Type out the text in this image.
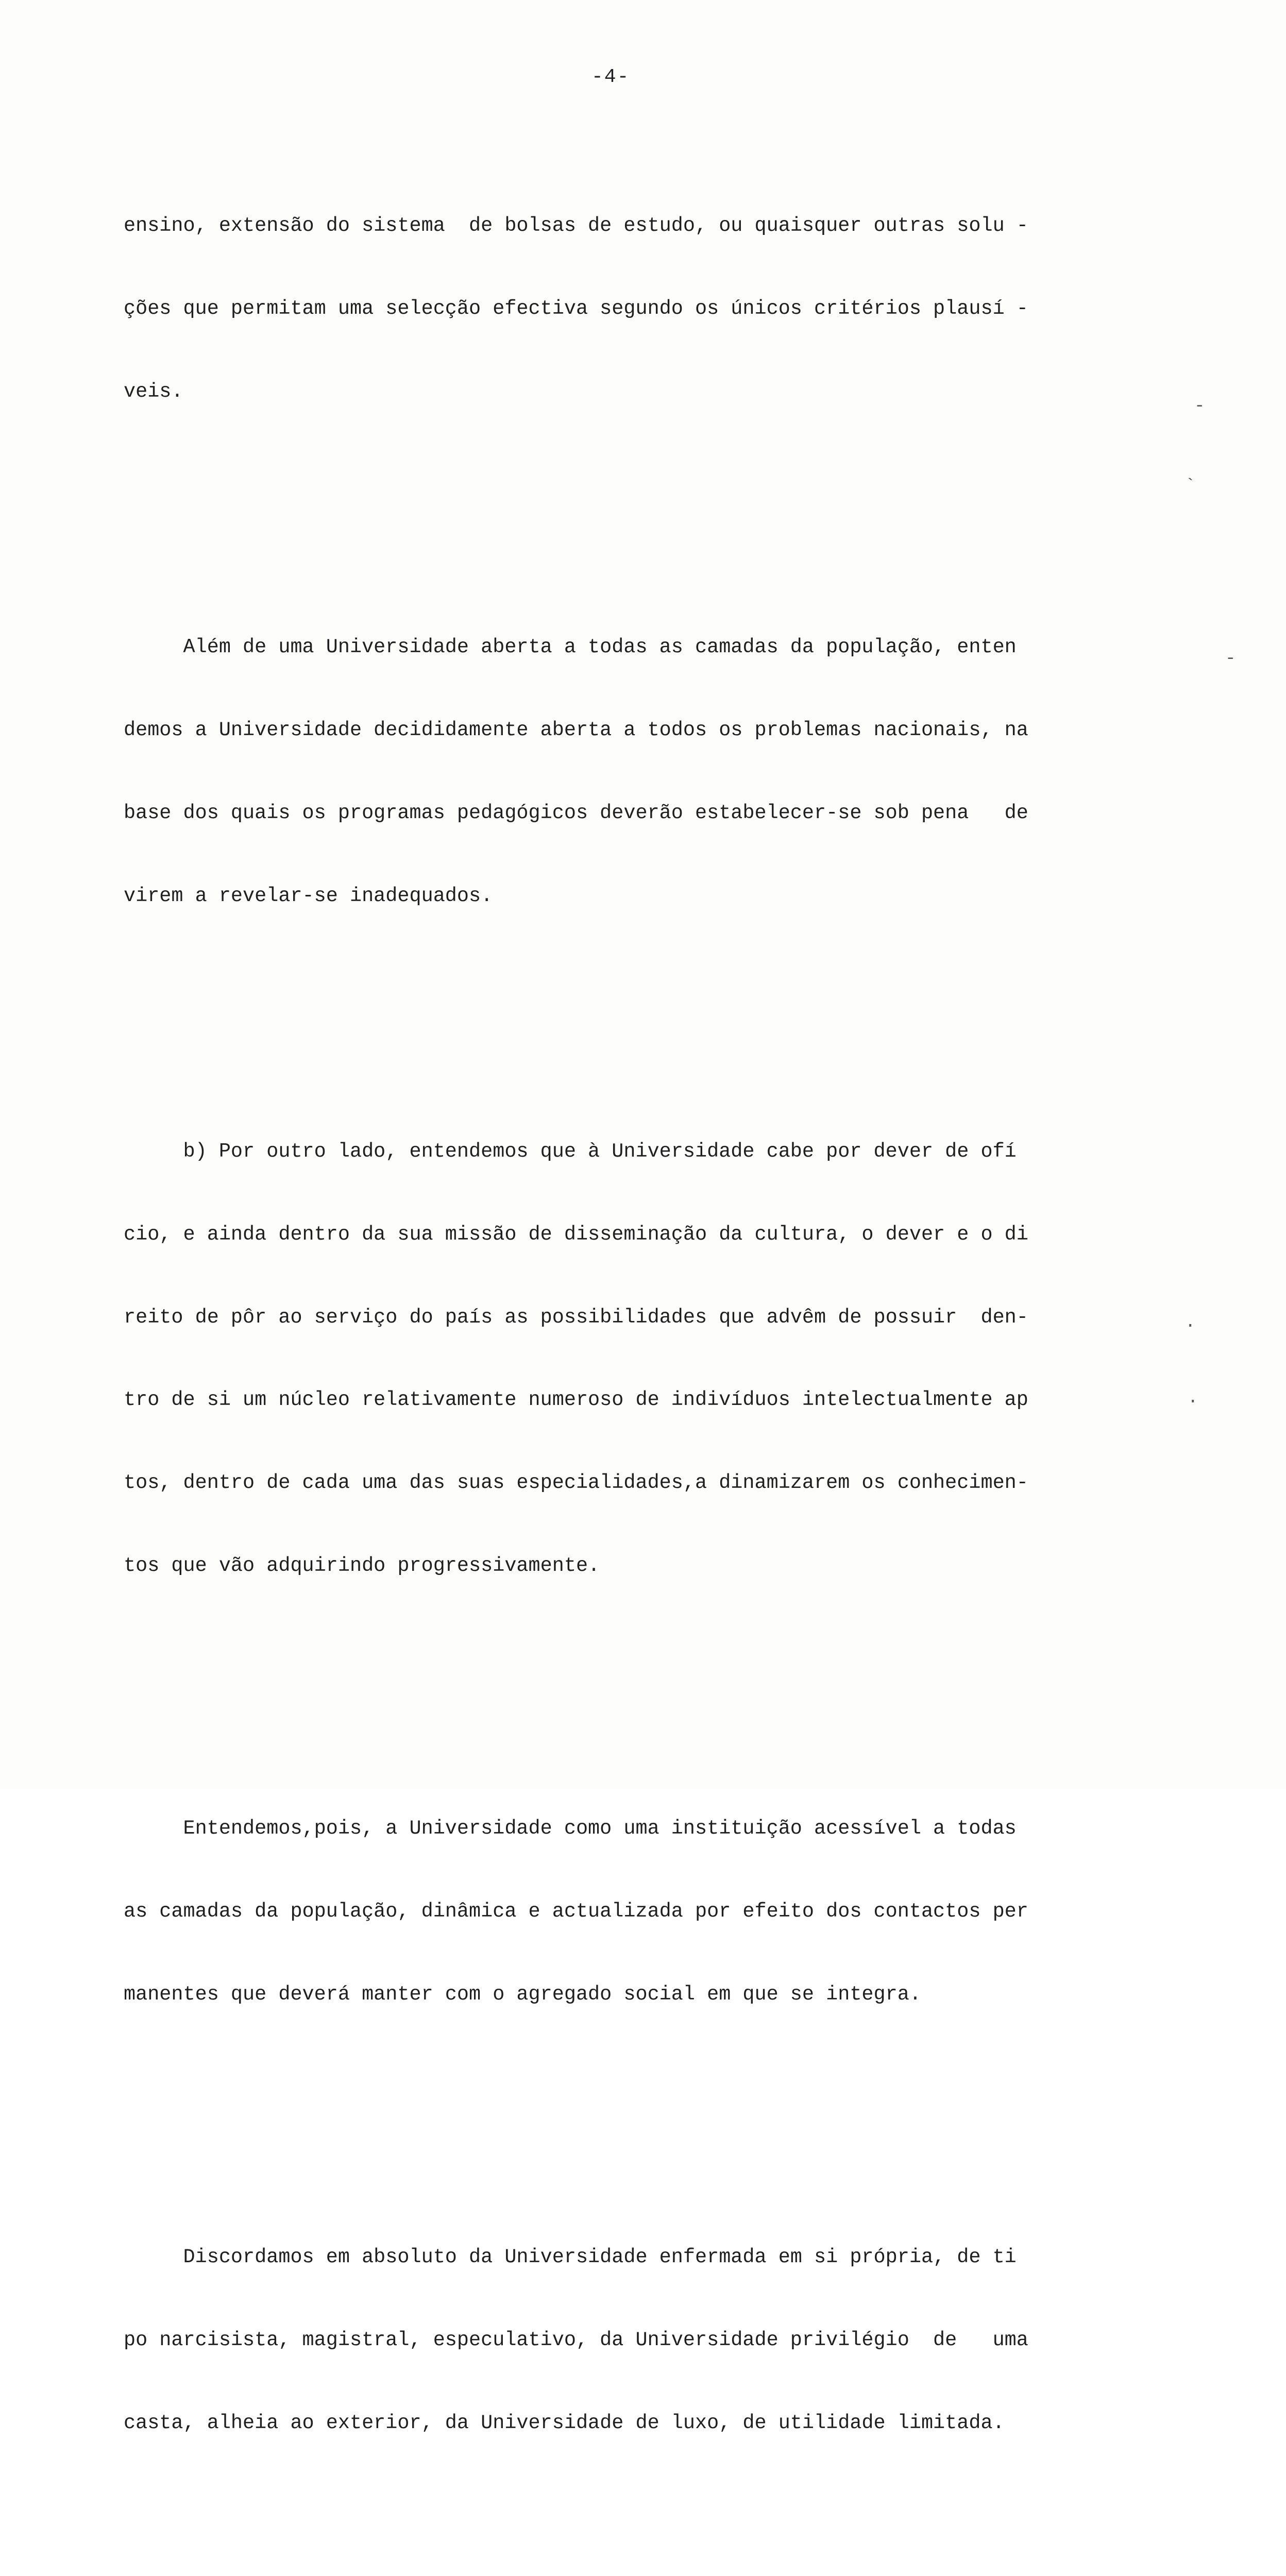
-4-

ensino, extensão do sistema  de bolsas de estudo, ou quaisquer outras solu -

ções que permitam uma selecção efectiva segundo os únicos critérios plausí -

veis.

Além de uma Universidade aberta a todas as camadas da população, enten

demos a Universidade decididamente aberta a todos os problemas nacionais, na

base dos quais os programas pedagógicos deverão estabelecer-se sob pena   de

virem a revelar-se inadequados.

b) Por outro lado, entendemos que à Universidade cabe por dever de ofí

cio, e ainda dentro da sua missão de disseminação da cultura, o dever e o di

reito de pôr ao serviço do país as possibilidades que advêm de possuir  den-

tro de si um núcleo relativamente numeroso de indivíduos intelectualmente ap

tos, dentro de cada uma das suas especialidades,a dinamizarem os conhecimen-

tos que vão adquirindo progressivamente.

Entendemos,pois, a Universidade como uma instituição acessível a todas

as camadas da população, dinâmica e actualizada por efeito dos contactos per

manentes que deverá manter com o agregado social em que se integra.

Discordamos em absoluto da Universidade enfermada em si própria, de ti

po narcisista, magistral, especulativo, da Universidade privilégio  de   uma

casta, alheia ao exterior, da Universidade de luxo, de utilidade limitada.

-
`
-
·
·
